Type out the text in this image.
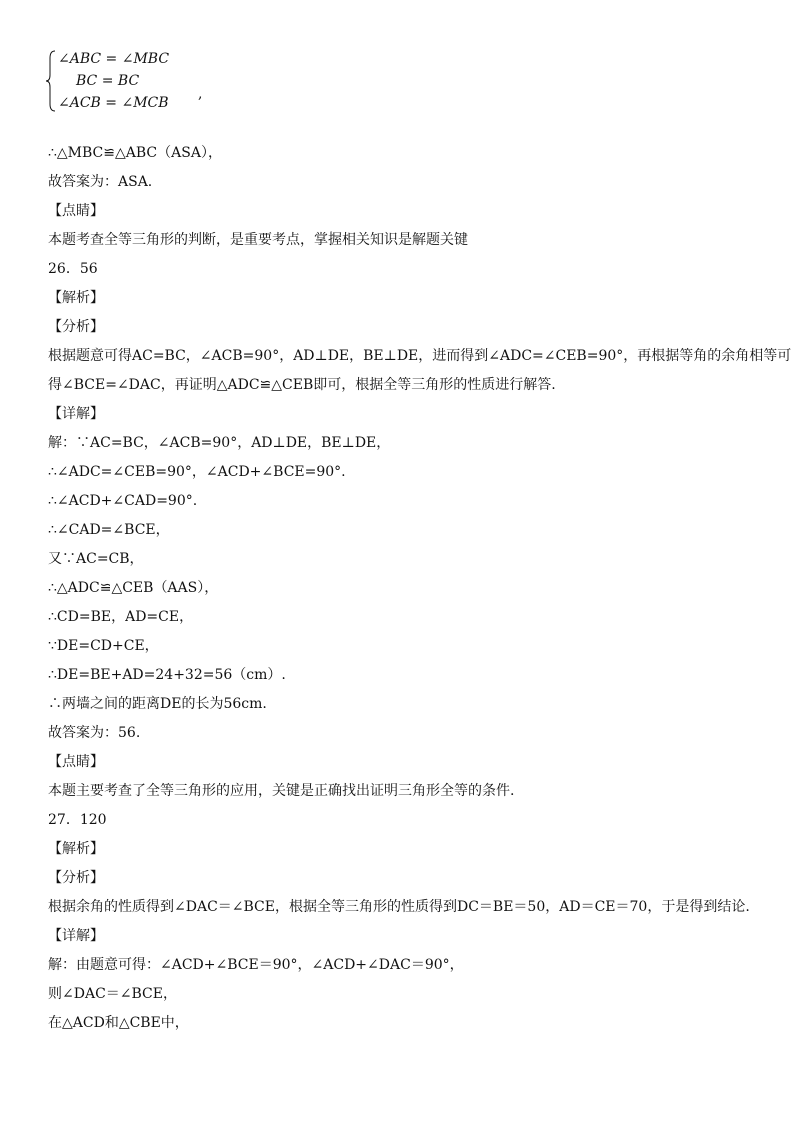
∠ABC = ∠MBC
BC = BC
∠ACB = ∠MCB
,
∴△MBC≌△ABC（ASA），
故答案为：ASA.
【点睛】
本题考查全等三角形的判断，是重要考点，掌握相关知识是解题关键
26．56
【解析】
【分析】
根据题意可得AC=BC，∠ACB=90°，AD⊥DE，BE⊥DE，进而得到∠ADC=∠CEB=90°，再根据等角的余角相等可
得∠BCE=∠DAC，再证明△ADC≌△CEB即可，根据全等三角形的性质进行解答.
【详解】
解：∵AC=BC，∠ACB=90°，AD⊥DE，BE⊥DE，
∴∠ADC=∠CEB=90°，∠ACD+∠BCE=90°.
∴∠ACD+∠CAD=90°.
∴∠CAD=∠BCE，
又∵AC=CB，
∴△ADC≌△CEB（AAS），
∴CD=BE，AD=CE，
∵DE=CD+CE，
∴DE=BE+AD=24+32=56（cm）.
∴两墙之间的距离DE的长为56cm.
故答案为：56.
【点睛】
本题主要考查了全等三角形的应用，关键是正确找出证明三角形全等的条件.
27．120
【解析】
【分析】
根据余角的性质得到∠DAC＝∠BCE，根据全等三角形的性质得到DC＝BE＝50，AD＝CE＝70，于是得到结论.
【详解】
解：由题意可得：∠ACD+∠BCE＝90°，∠ACD+∠DAC＝90°，
则∠DAC＝∠BCE，
在△ACD和△CBE中，
